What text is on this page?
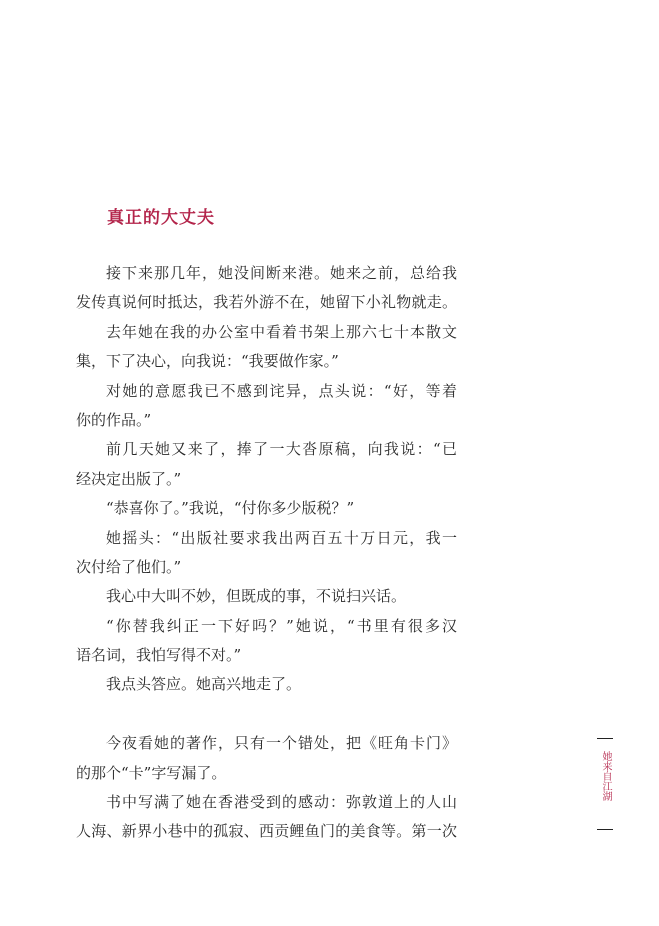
真正的大丈夫
接下来那几年，她没间断来港。她来之前，总给我
发传真说何时抵达，我若外游不在，她留下小礼物就走。
去年她在我的办公室中看着书架上那六七十本散文
集，下了决心，向我说：“我要做作家。”
对她的意愿我已不感到诧异，点头说：“好，等着
你的作品。”
前几天她又来了，捧了一大沓原稿，向我说：“已
经决定出版了。”
“恭喜你了。”我说，“付你多少版税？”
她摇头：“出版社要求我出两百五十万日元，我一
次付给了他们。”
我心中大叫不妙，但既成的事，不说扫兴话。
“你替我纠正一下好吗？”她说，“书里有很多汉
语名词，我怕写得不对。”
我点头答应。她高兴地走了。
今夜看她的著作，只有一个错处，把《旺角卡门》
的那个“卡”字写漏了。
书中写满了她在香港受到的感动：弥敦道上的人山
人海、新界小巷中的孤寂、西贡鲤鱼门的美食等。第一次
她来自江湖
